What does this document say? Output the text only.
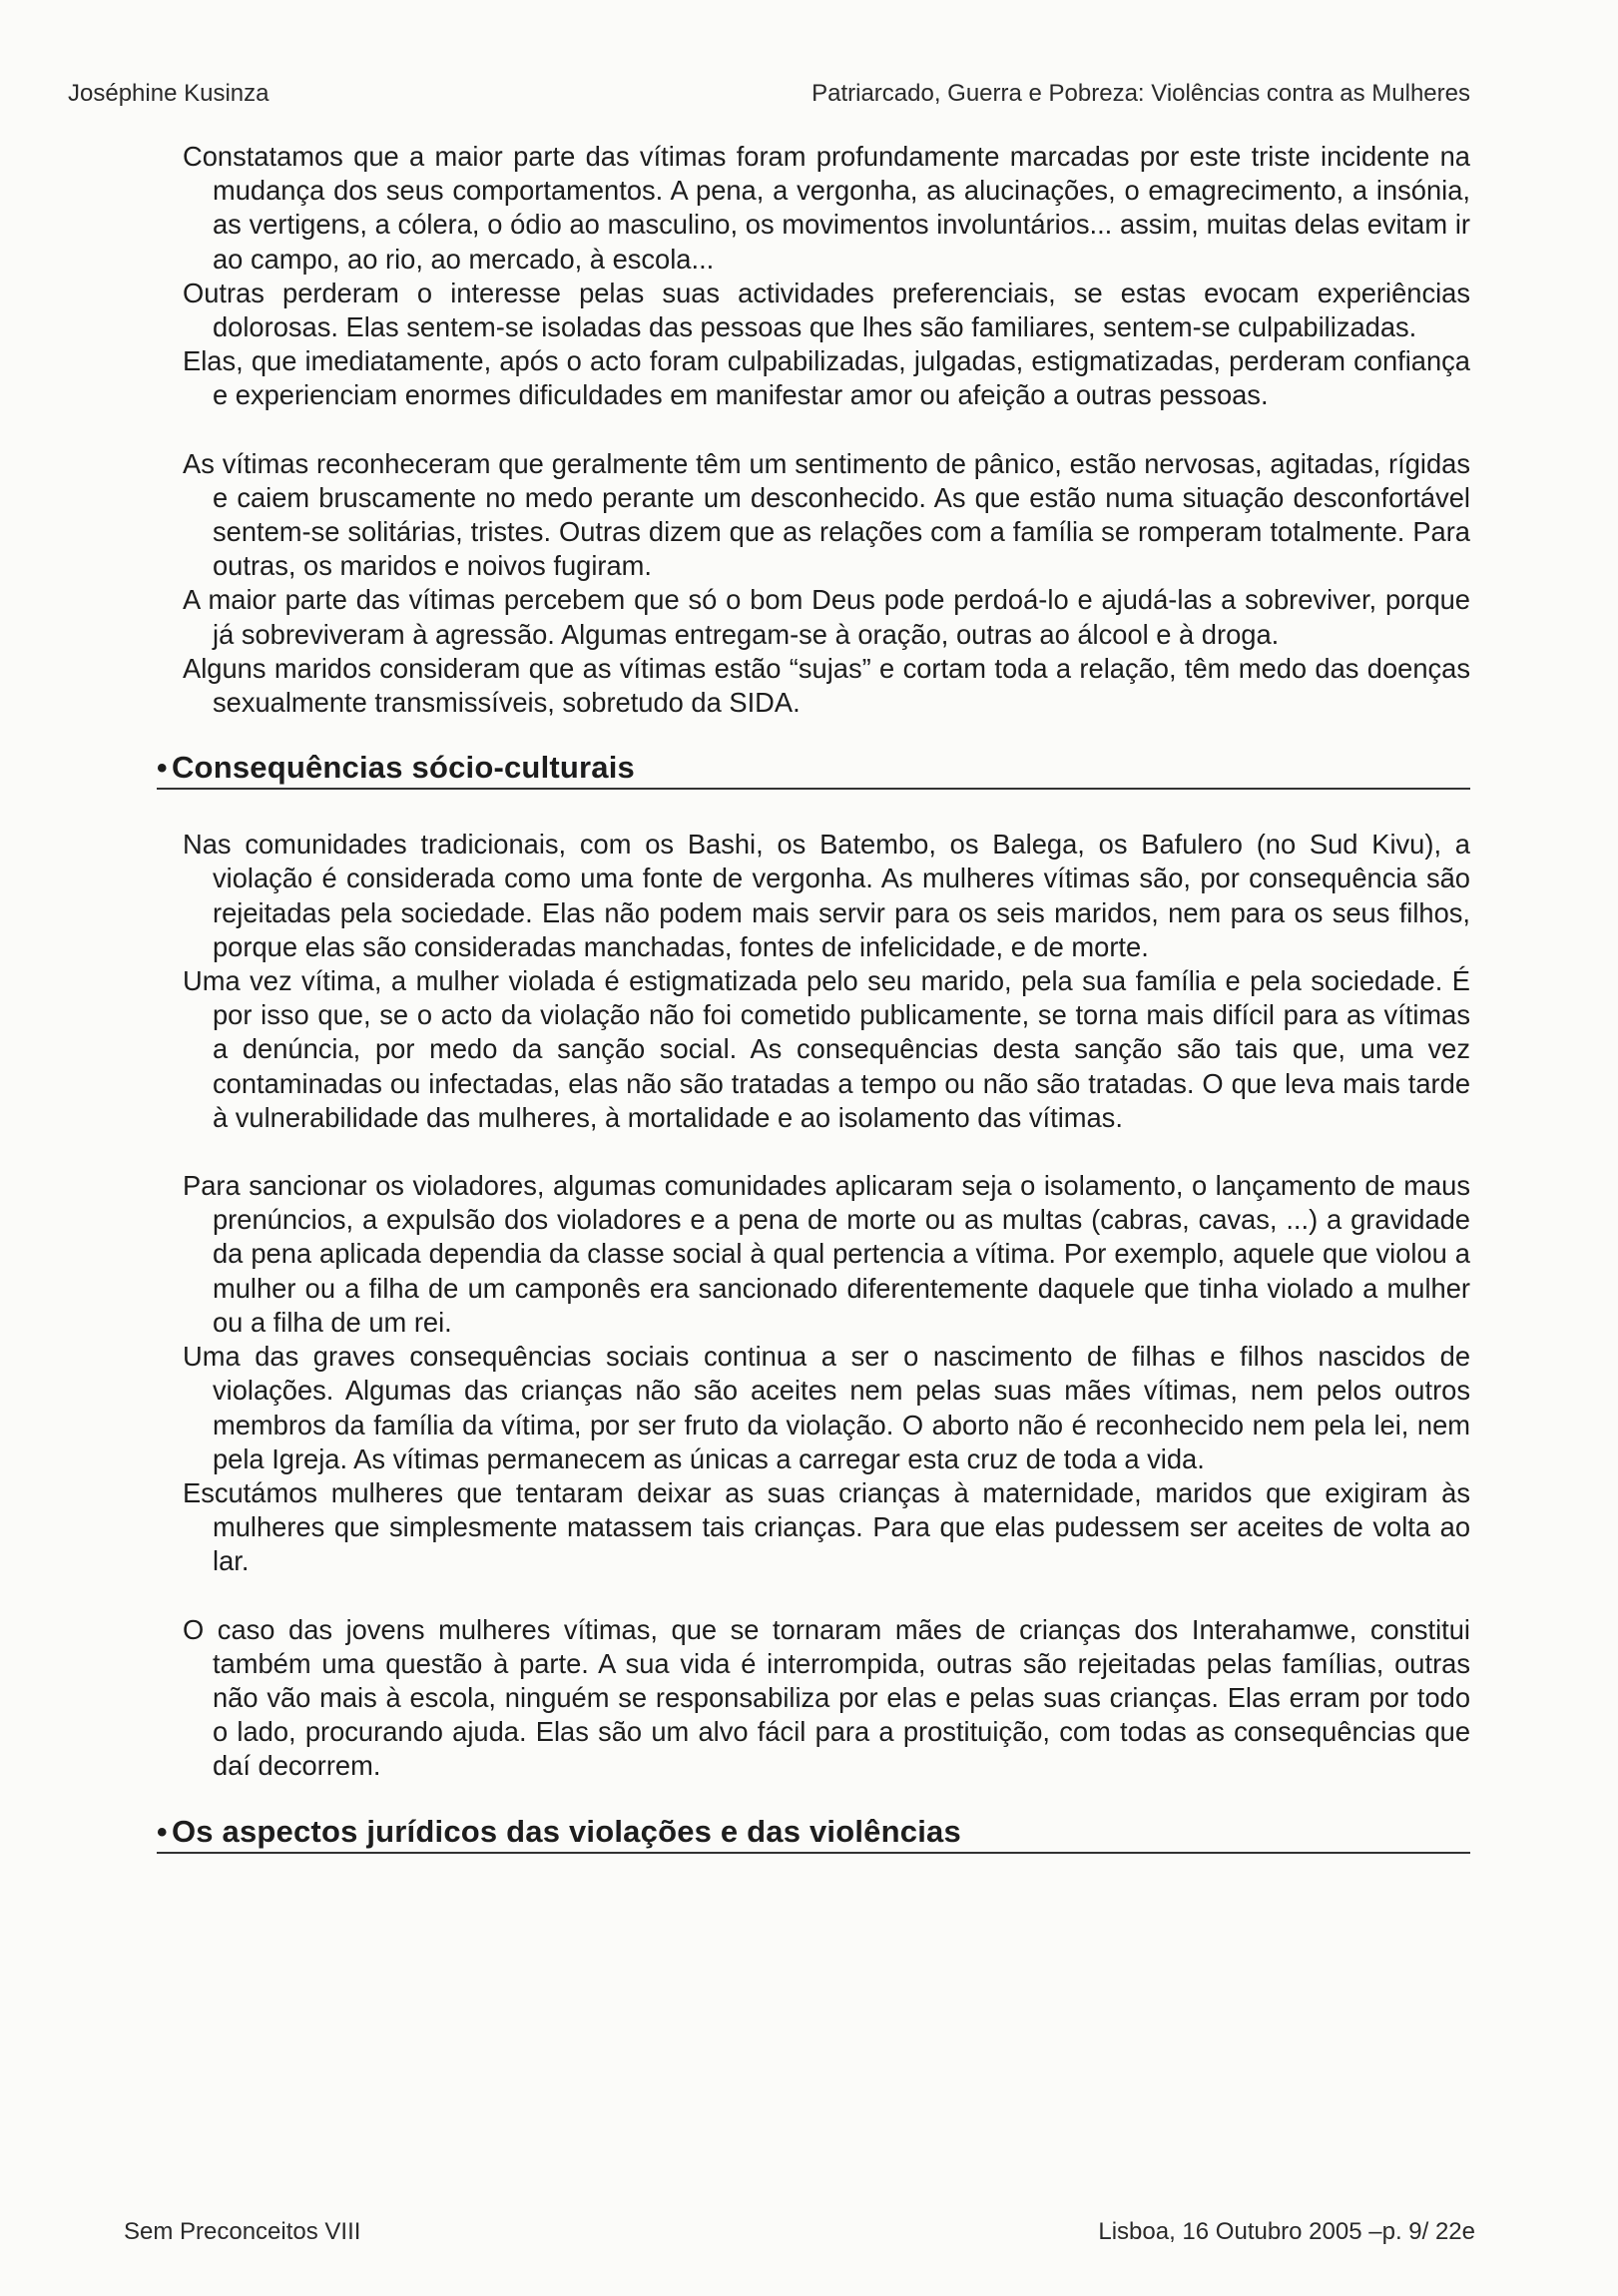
Joséphine Kusinza	Patriarcado, Guerra e Pobreza: Violências contra as Mulheres

Constatamos que a maior parte das vítimas foram profundamente marcadas por este triste incidente na mudança dos seus comportamentos. A pena, a vergonha, as alucinações, o emagrecimento, a insónia, as vertigens, a cólera, o ódio ao masculino, os movimentos involuntários... assim, muitas delas evitam ir ao campo, ao rio, ao mercado, à escola...

Outras perderam o interesse pelas suas actividades preferenciais, se estas evocam experiências dolorosas. Elas sentem-se isoladas das pessoas que lhes são familiares, sentem-se culpabilizadas.

Elas, que imediatamente, após o acto foram culpabilizadas, julgadas, estigmatizadas, perderam confiança e experienciam enormes dificuldades em manifestar amor ou afeição a outras pessoas.

As vítimas reconheceram que geralmente têm um sentimento de pânico, estão nervosas, agitadas, rígidas e caiem bruscamente no medo perante um desconhecido. As que estão numa situação desconfortável sentem-se solitárias, tristes. Outras dizem que as relações com a família se romperam totalmente. Para outras, os maridos e noivos fugiram.

A maior parte das vítimas percebem que só o bom Deus pode perdoá-lo e ajudá-las a sobreviver, porque já sobreviveram à agressão. Algumas entregam-se à oração, outras ao álcool e à droga.

Alguns maridos consideram que as vítimas estão “sujas” e cortam toda a relação, têm medo das doenças sexualmente transmissíveis, sobretudo da SIDA.

• Consequências sócio-culturais

Nas comunidades tradicionais, com os Bashi, os Batembo, os Balega, os Bafulero (no Sud Kivu), a violação é considerada como uma fonte de vergonha. As mulheres vítimas são, por consequência são rejeitadas pela sociedade. Elas não podem mais servir para os seis maridos, nem para os seus filhos, porque elas são consideradas manchadas, fontes de infelicidade, e de morte.

Uma vez vítima, a mulher violada é estigmatizada pelo seu marido, pela sua família e pela sociedade. É por isso que, se o acto da violação não foi cometido publicamente, se torna mais difícil para as vítimas a denúncia, por medo da sanção social. As consequências desta sanção são tais que, uma vez contaminadas ou infectadas, elas não são tratadas a tempo ou não são tratadas. O que leva mais tarde à vulnerabilidade das mulheres, à mortalidade e ao isolamento das vítimas.

Para sancionar os violadores, algumas comunidades aplicaram seja o isolamento, o lançamento de maus prenúncios, a expulsão dos violadores e a pena de morte ou as multas (cabras, cavas, ...) a gravidade da pena aplicada dependia da classe social à qual pertencia a vítima. Por exemplo, aquele que violou a mulher ou a filha de um camponês era sancionado diferentemente daquele que tinha violado a mulher ou a filha de um rei.

Uma das graves consequências sociais continua a ser o nascimento de filhas e filhos nascidos de violações. Algumas das crianças não são aceites nem pelas suas mães vítimas, nem pelos outros membros da família da vítima, por ser fruto da violação. O aborto não é reconhecido nem pela lei, nem pela Igreja. As vítimas permanecem as únicas a carregar esta cruz de toda a vida.

Escutámos mulheres que tentaram deixar as suas crianças à maternidade, maridos que exigiram às mulheres que simplesmente matassem tais crianças. Para que elas pudessem ser aceites de volta ao lar.

O caso das jovens mulheres vítimas, que se tornaram mães de crianças dos Interahamwe, constitui também uma questão à parte. A sua vida é interrompida, outras são rejeitadas pelas famílias, outras não vão mais à escola, ninguém se responsabiliza por elas e pelas suas crianças. Elas erram por todo o lado, procurando ajuda. Elas são um alvo fácil para a prostituição, com todas as consequências que daí decorrem.

• Os aspectos jurídicos das violações e das violências
Sem Preconceitos VIII	Lisboa, 16 Outubro 2005 –p. 9/ 22e
